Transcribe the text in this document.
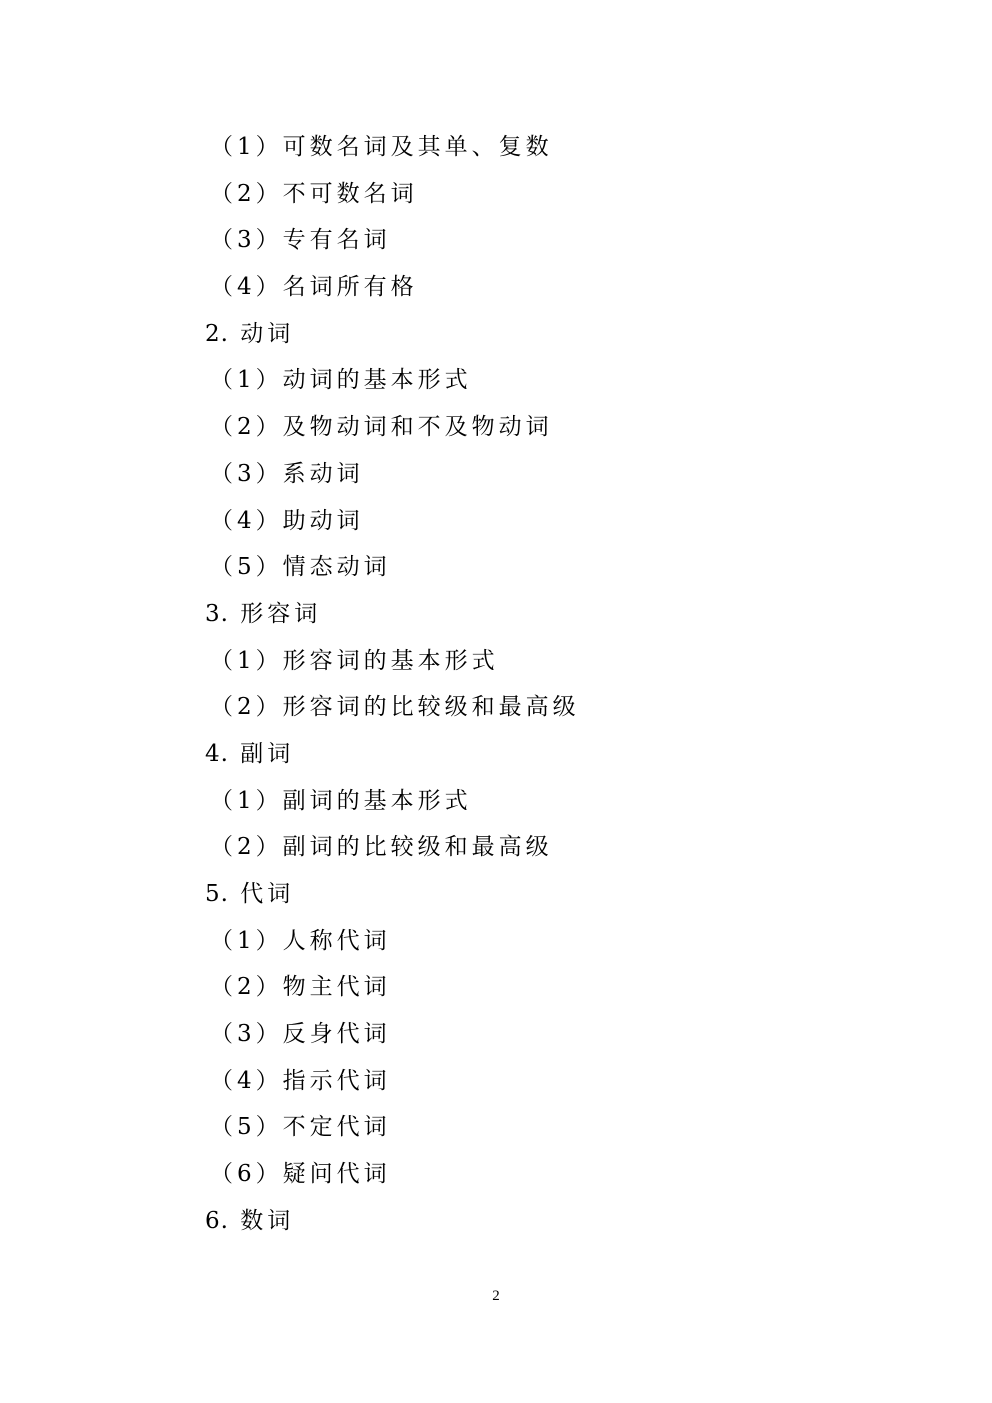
（1）可数名词及其单、复数
（2）不可数名词
（3）专有名词
（4）名词所有格
2. 动词
（1）动词的基本形式
（2）及物动词和不及物动词
（3）系动词
（4）助动词
（5）情态动词
3. 形容词
（1）形容词的基本形式
（2）形容词的比较级和最高级
4. 副词
（1）副词的基本形式
（2）副词的比较级和最高级
5. 代词
（1）人称代词
（2）物主代词
（3）反身代词
（4）指示代词
（5）不定代词
（6）疑问代词
6. 数词
2
